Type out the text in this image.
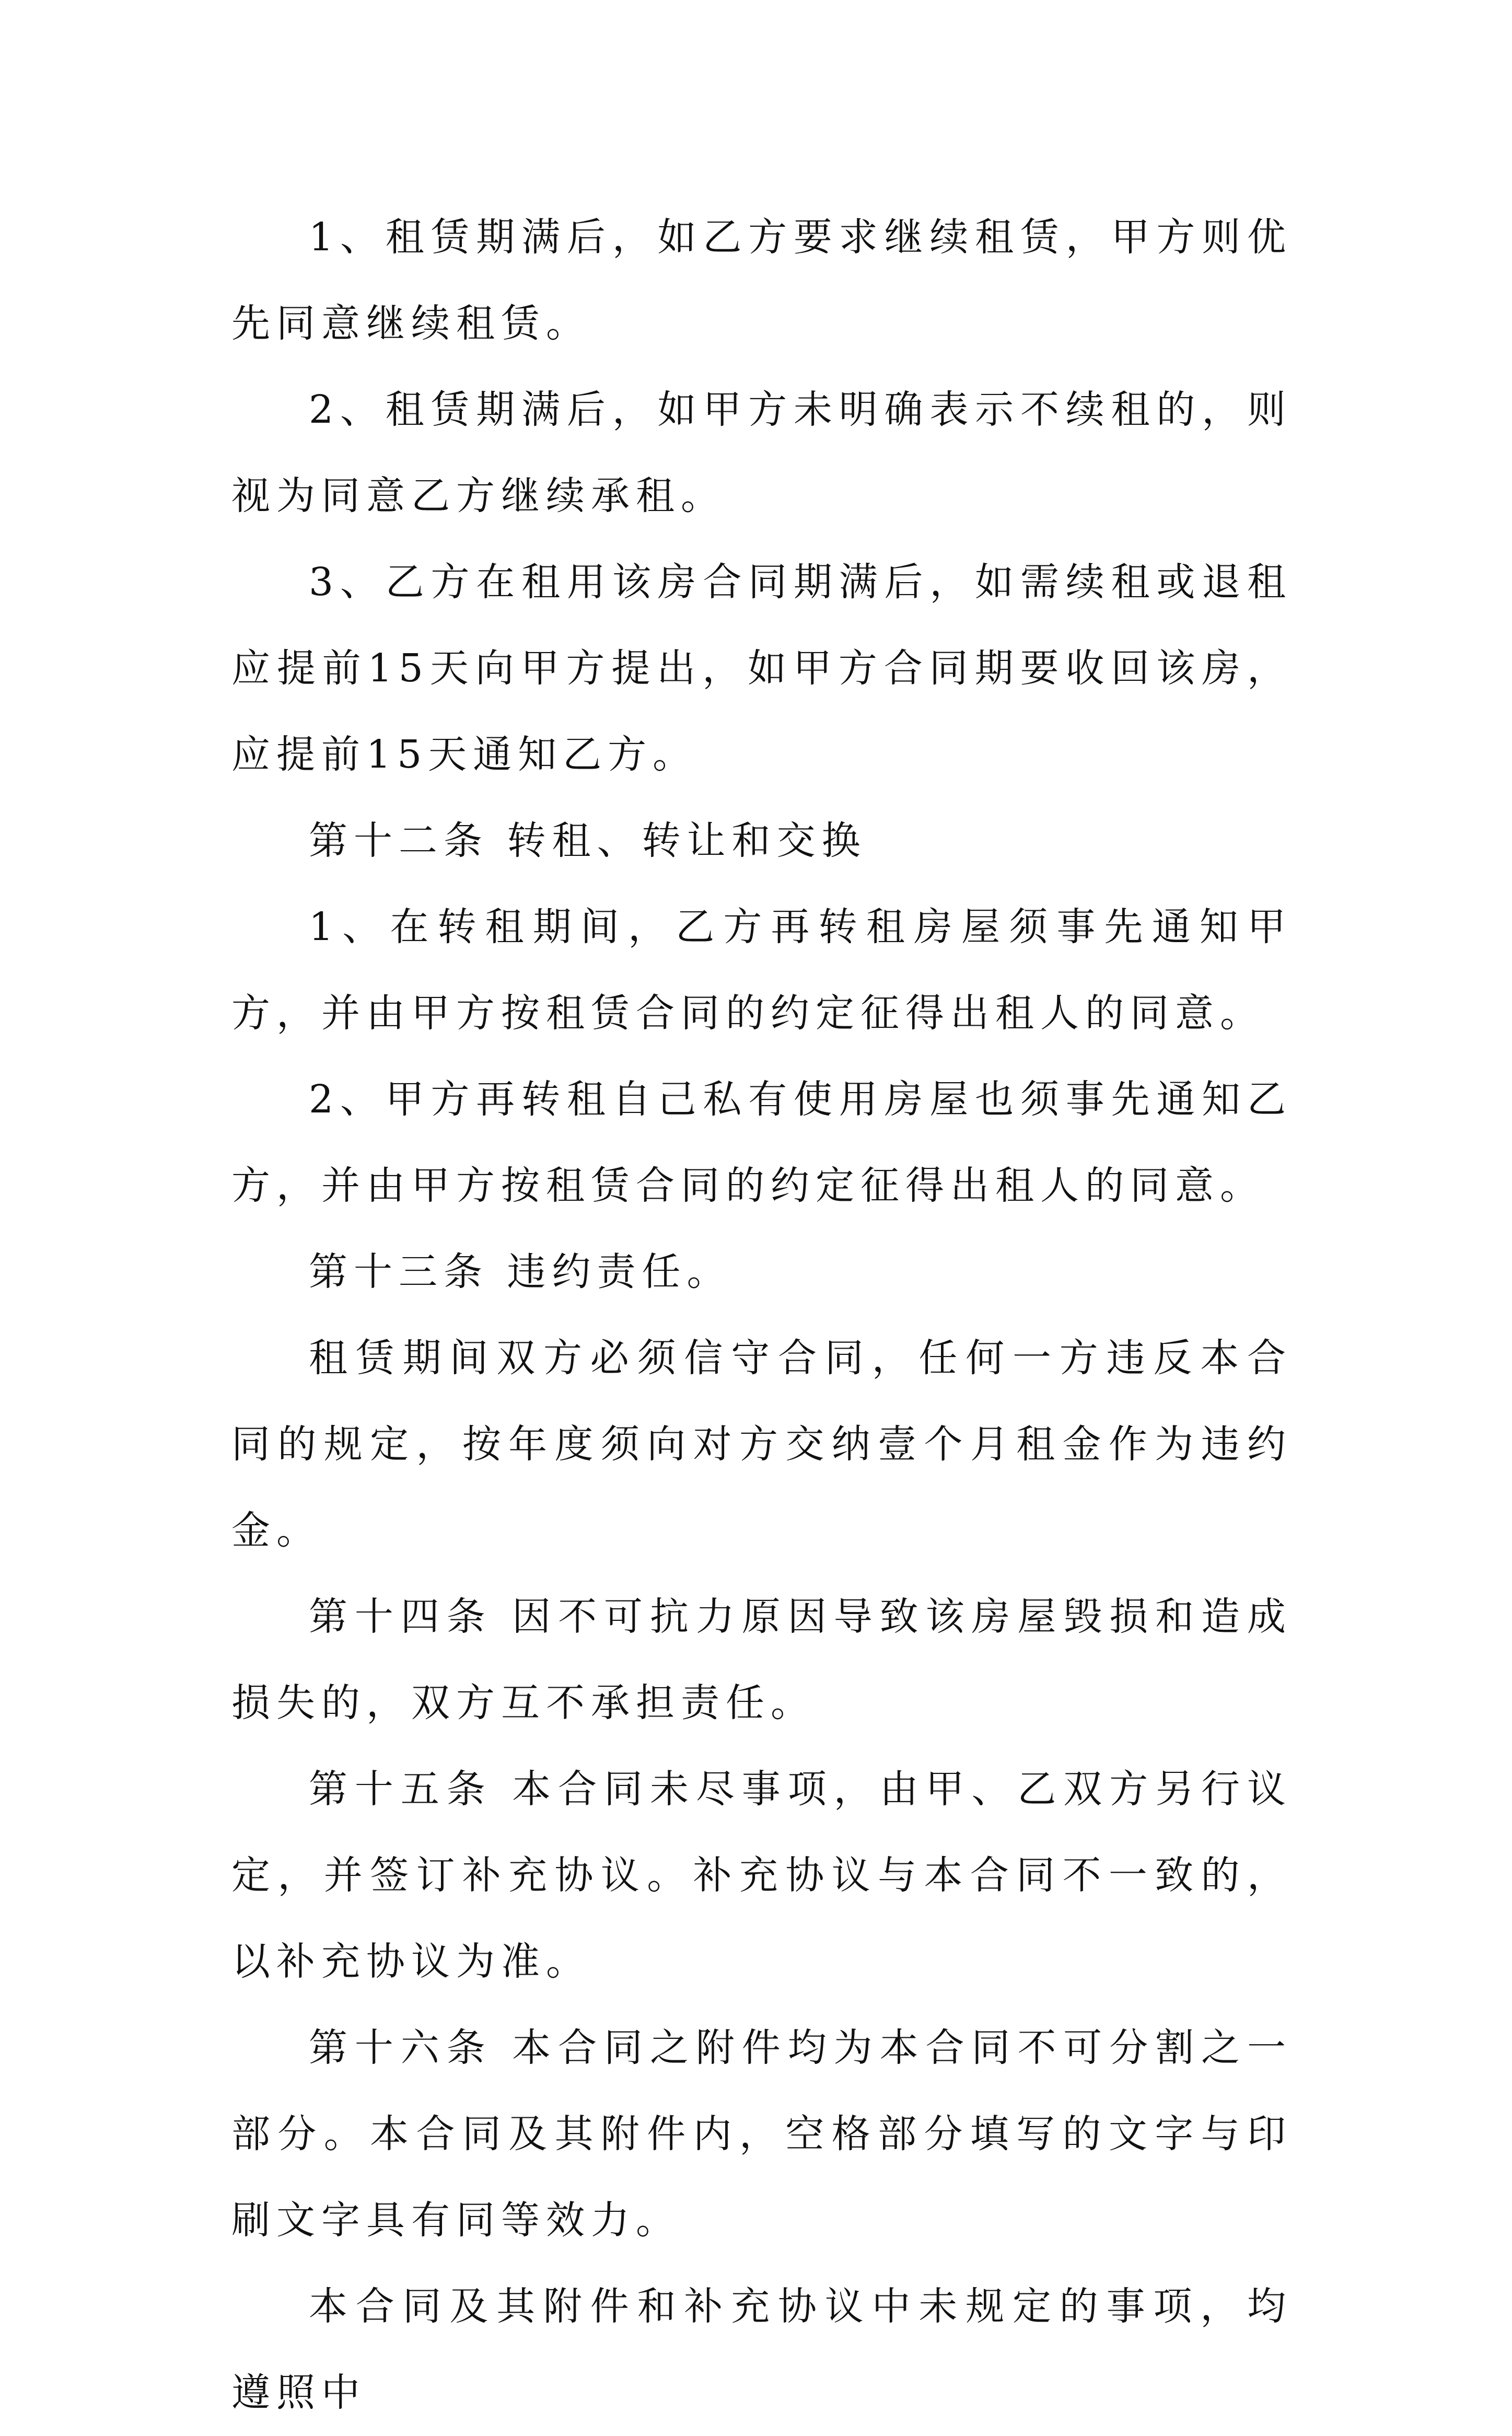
1、租赁期满后，如乙方要求继续租赁，甲方则优先同意继续租赁。

2、租赁期满后，如甲方未明确表示不续租的，则视为同意乙方继续承租。

3、乙方在租用该房合同期满后，如需续租或退租应提前15天向甲方提出，如甲方合同期要收回该房，应提前15天通知乙方。

第十二条 转租、转让和交换

1、在转租期间，乙方再转租房屋须事先通知甲方，并由甲方按租赁合同的约定征得出租人的同意。

2、甲方再转租自己私有使用房屋也须事先通知乙方，并由甲方按租赁合同的约定征得出租人的同意。

第十三条 违约责任。

租赁期间双方必须信守合同，任何一方违反本合同的规定，按年度须向对方交纳壹个月租金作为违约金。

第十四条 因不可抗力原因导致该房屋毁损和造成损失的，双方互不承担责任。

第十五条 本合同未尽事项，由甲、乙双方另行议定，并签订补充协议。补充协议与本合同不一致的，以补充协议为准。

第十六条 本合同之附件均为本合同不可分割之一部分。本合同及其附件内，空格部分填写的文字与印刷文字具有同等效力。

本合同及其附件和补充协议中未规定的事项，均遵照中
